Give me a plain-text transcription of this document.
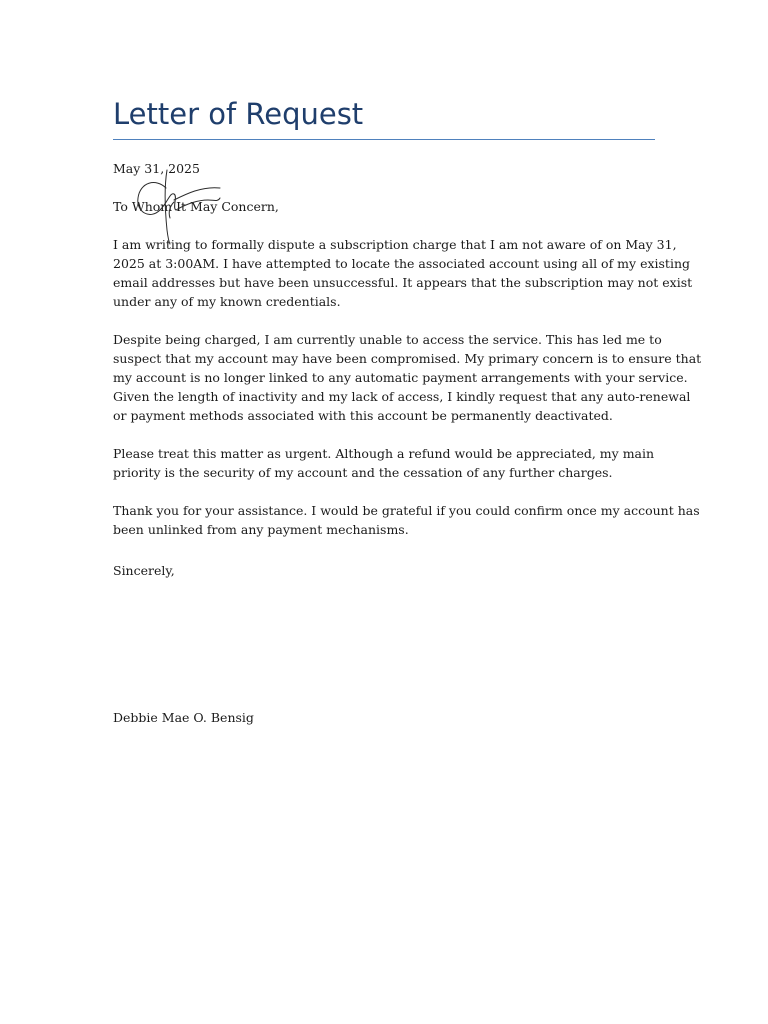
Letter of Request

May 31, 2025

To Whom It May Concern,

I am writing to formally dispute a subscription charge that I am not aware of on May 31,
2025 at 3:00AM. I have attempted to locate the associated account using all of my existing
email addresses but have been unsuccessful. It appears that the subscription may not exist
under any of my known credentials.

Despite being charged, I am currently unable to access the service. This has led me to
suspect that my account may have been compromised. My primary concern is to ensure that
my account is no longer linked to any automatic payment arrangements with your service.
Given the length of inactivity and my lack of access, I kindly request that any auto-renewal
or payment methods associated with this account be permanently deactivated.

Please treat this matter as urgent. Although a refund would be appreciated, my main
priority is the security of my account and the cessation of any further charges.

Thank you for your assistance. I would be grateful if you could confirm once my account has
been unlinked from any payment mechanisms.

Sincerely,

Debbie Mae O. Bensig
